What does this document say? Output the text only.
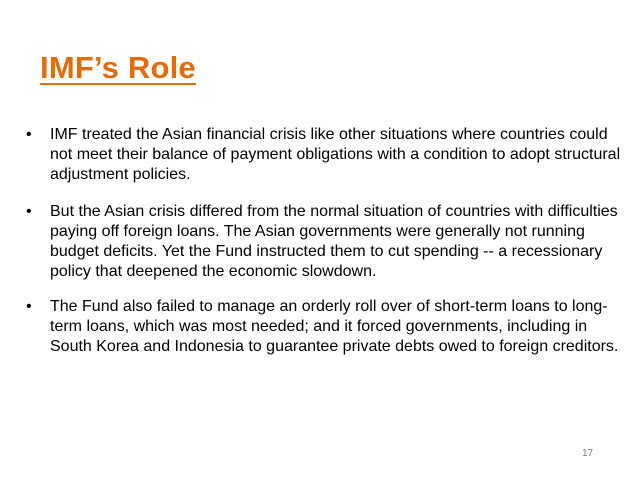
IMF’s Role
•	IMF treated the Asian financial crisis like other situations where countries could not meet their balance of payment obligations with a condition to adopt structural adjustment policies.
•	But the Asian crisis differed from the normal situation of countries with difficulties paying off foreign loans. The Asian governments were generally not running budget deficits. Yet the Fund instructed them to cut spending -- a recessionary policy that deepened the economic slowdown.
•	The Fund also failed to manage an orderly roll over of short-term loans to long-term loans, which was most needed; and it forced governments, including in South Korea and Indonesia to guarantee private debts owed to foreign creditors.
17
